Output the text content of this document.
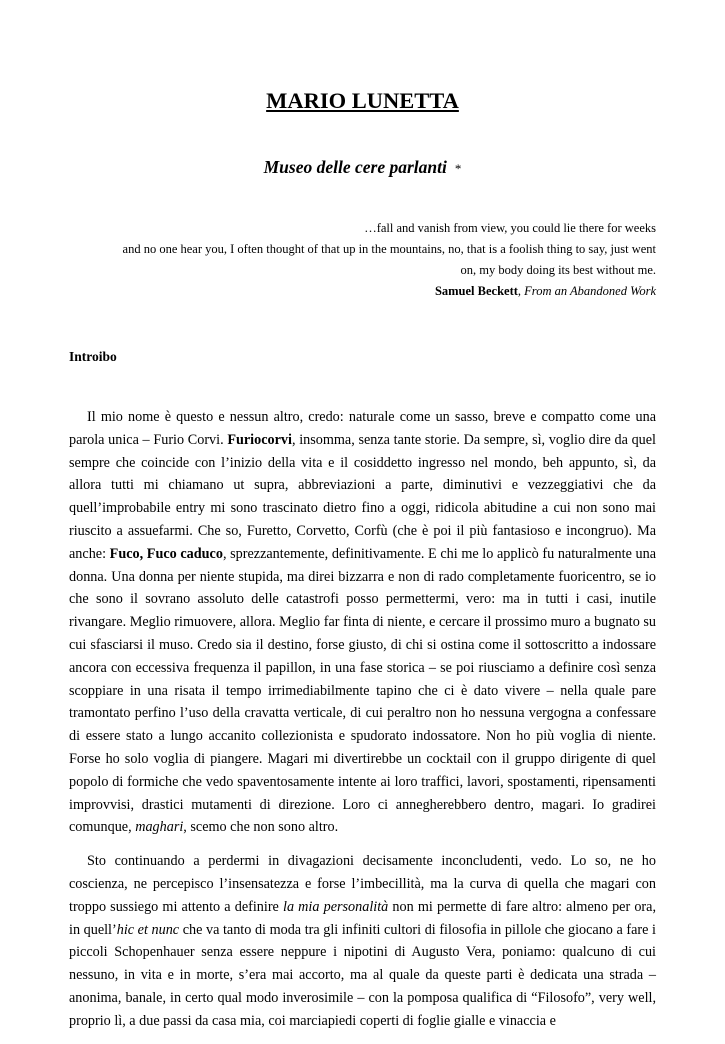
MARIO LUNETTA
Museo delle cere parlanti *

…fall and vanish from view, you could lie there for weeks

and no one hear you, I often thought of that up in the mountains, no, that is a foolish thing to say, just went

on, my body doing its best without me.

Samuel Beckett, From an Abandoned Work

Introibo

Il mio nome è questo e nessun altro, credo: naturale come un sasso, breve e compatto come una parola unica – Furio Corvi. Furiocorvi, insomma, senza tante storie. Da sempre, sì, voglio dire da quel sempre che coincide con l’inizio della vita e il cosiddetto ingresso nel mondo, beh appunto, sì, da allora tutti mi chiamano ut supra, abbreviazioni a parte, diminutivi e vezzeggiativi che da quell’improbabile entry mi sono trascinato dietro fino a oggi, ridicola abitudine a cui non sono mai riuscito a assuefarmi. Che so, Furetto, Corvetto, Corfù (che è poi il più fantasioso e incongruo). Ma anche: Fuco, Fuco caduco, sprezzantemente, definitivamente. E chi me lo applicò fu naturalmente una donna. Una donna per niente stupida, ma direi bizzarra e non di rado completamente fuoricentro, se io che sono il sovrano assoluto delle catastrofi posso permettermi, vero: ma in tutti i casi, inutile rivangare. Meglio rimuovere, allora. Meglio far finta di niente, e cercare il prossimo muro a bugnato su cui sfasciarsi il muso. Credo sia il destino, forse giusto, di chi si ostina come il sottoscritto a indossare ancora con eccessiva frequenza il papillon, in una fase storica – se poi riusciamo a definire così senza scoppiare in una risata il tempo irrimediabilmente tapino che ci è dato vivere – nella quale pare tramontato perfino l’uso della cravatta verticale, di cui peraltro non ho nessuna vergogna a confessare di essere stato a lungo accanito collezionista e spudorato indossatore. Non ho più voglia di niente. Forse ho solo voglia di piangere. Magari mi divertirebbe un cocktail con il gruppo dirigente di quel popolo di formiche che vedo spaventosamente intente ai loro traffici, lavori, spostamenti, ripensamenti improvvisi, drastici mutamenti di direzione. Loro ci annegherebbero dentro, magari. Io gradirei comunque, maghari, scemo che non sono altro.

Sto continuando a perdermi in divagazioni decisamente inconcludenti, vedo. Lo so, ne ho coscienza, ne percepisco l’insensatezza e forse l’imbecillità, ma la curva di quella che magari con troppo sussiego mi attento a definire la mia personalità non mi permette di fare altro: almeno per ora, in quell’hic et nunc che va tanto di moda tra gli infiniti cultori di filosofia in pillole che giocano a fare i piccoli Schopenhauer senza essere neppure i nipotini di Augusto Vera, poniamo: qualcuno di cui nessuno, in vita e in morte, s’era mai accorto, ma al quale da queste parti è dedicata una strada – anonima, banale, in certo qual modo inverosimile – con la pomposa qualifica di “Filosofo”, very well, proprio lì, a due passi da casa mia, coi marciapiedi coperti di foglie gialle e vinaccia e
